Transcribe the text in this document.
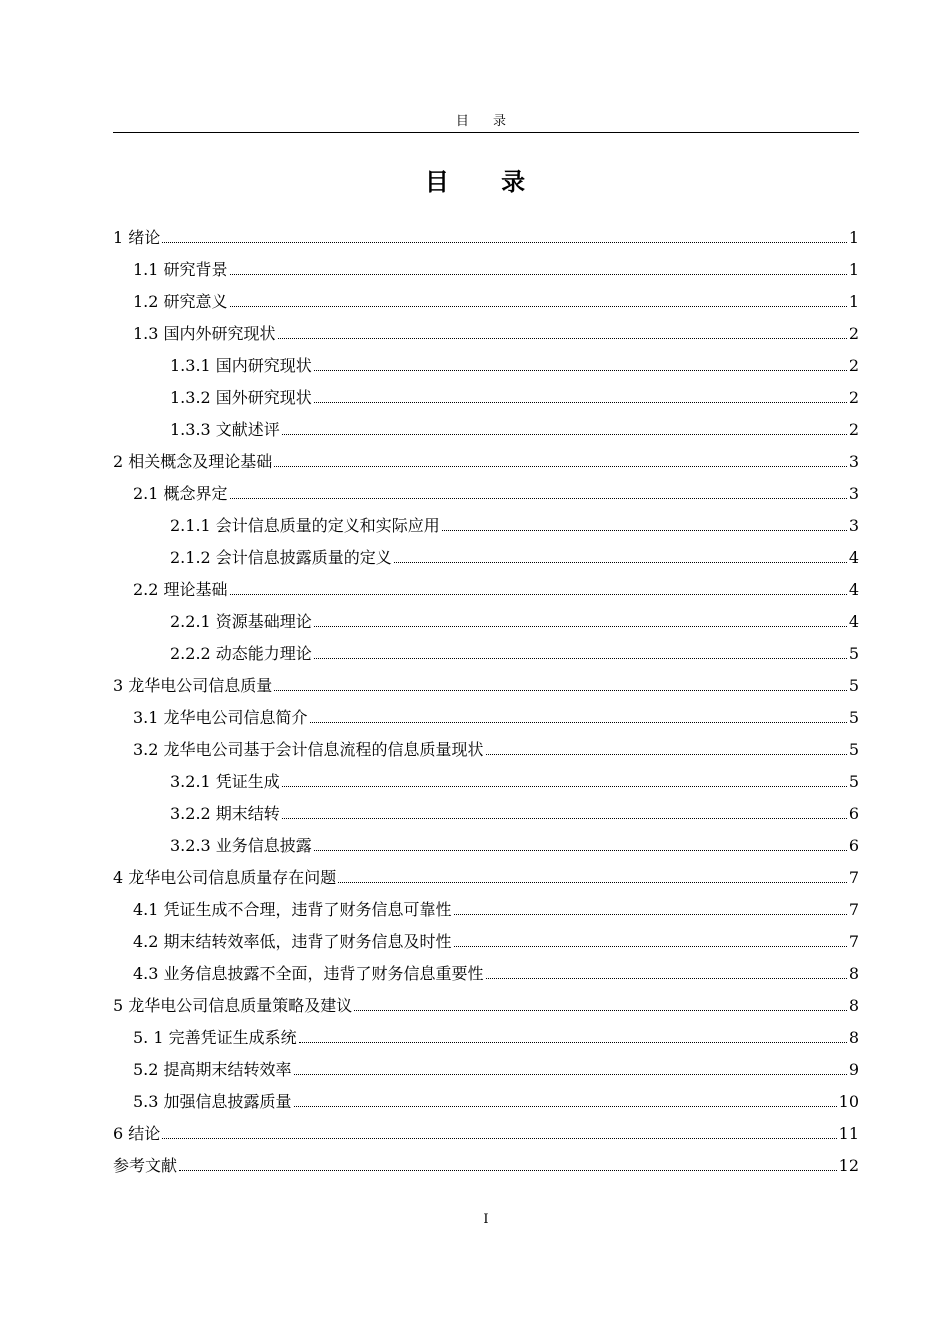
目 录
目 录
1 绪论	1
1.1 研究背景	1
1.2 研究意义	1
1.3 国内外研究现状	2
1.3.1 国内研究现状	2
1.3.2 国外研究现状	2
1.3.3 文献述评	2
2 相关概念及理论基础	3
2.1 概念界定	3
2.1.1 会计信息质量的定义和实际应用	3
2.1.2 会计信息披露质量的定义	4
2.2 理论基础	4
2.2.1 资源基础理论	4
2.2.2 动态能力理论	5
3 龙华电公司信息质量	5
3.1 龙华电公司信息简介	5
3.2 龙华电公司基于会计信息流程的信息质量现状	5
3.2.1 凭证生成	5
3.2.2 期末结转	6
3.2.3 业务信息披露	6
4 龙华电公司信息质量存在问题	7
4.1 凭证生成不合理，违背了财务信息可靠性	7
4.2 期末结转效率低，违背了财务信息及时性	7
4.3 业务信息披露不全面，违背了财务信息重要性	8
5 龙华电公司信息质量策略及建议	8
5. 1 完善凭证生成系统	8
5.2 提高期末结转效率	9
5.3 加强信息披露质量	10
6 结论	11
参考文献	12
I
